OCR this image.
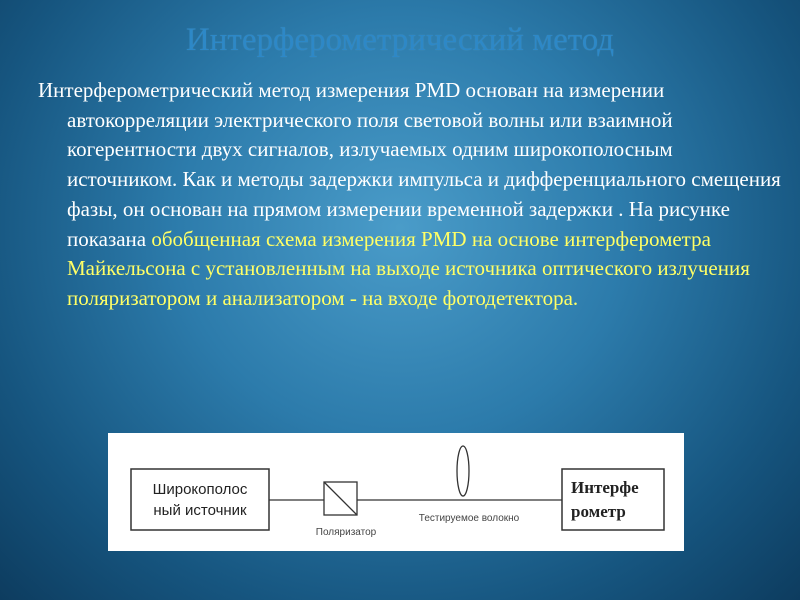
Интерферометрический метод

Интерферометрический метод измерения PMD основан на измерении автокорреляции электрического поля световой волны или взаимной когерентности двух сигналов, излучаемых одним широкополосным источником. Как и методы задержки импульса и дифференциального смещения фазы, он основан на прямом измерении временной задержки . На рисунке показана обобщенная схема измерения PMD на основе интерферометра Майкельсона с установленным на выходе источника оптического излучения поляризатором и анализатором - на входе фотодетектора.

Широкополос
ный источник
Поляризатор
Тестируемое волокно
Интерфе
рометр
